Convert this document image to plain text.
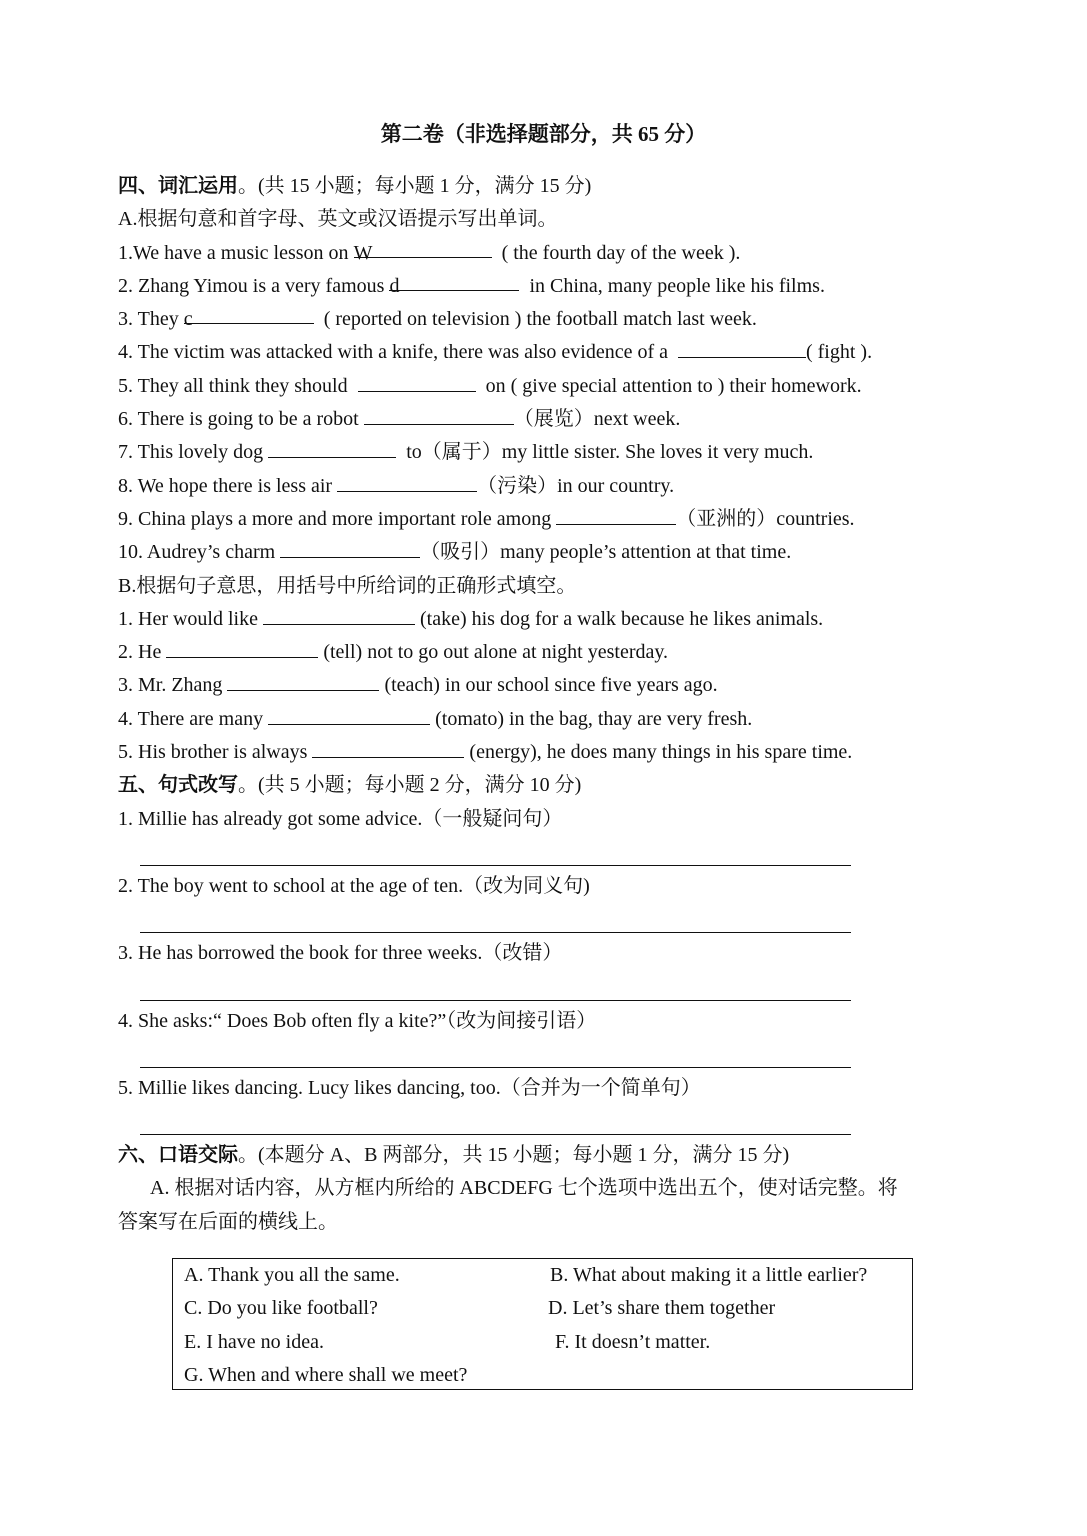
第二卷（非选择题部分，共 65 分）
四、词汇运用。(共 15 小题；每小题 1 分，满分 15 分)
A.根据句意和首字母、英文或汉语提示写出单词。
1.We have a music lesson on W	( the fourth day of the week ).
2. Zhang Yimou is a very famous d	in China, many people like his films.
3. They c	( reported on television ) the football match last week.
4. The victim was attacked with a knife, there was also evidence of a	( fight ).
5. They all think they should	on ( give special attention to ) their homework.
6. There is going to be a robot	（展览）next week.
7. This lovely dog	to（属于）my little sister. She loves it very much.
8. We hope there is less air	（污染）in our country.
9. China plays a more and more important role among	（亚洲的）countries.
10. Audrey’s charm	（吸引）many people’s attention at that time.
B.根据句子意思，用括号中所给词的正确形式填空。
1. Her would like	(take) his dog for a walk because he likes animals.
2. He	(tell) not to go out alone at night yesterday.
3. Mr. Zhang	(teach) in our school since five years ago.
4. There are many	(tomato) in the bag, thay are very fresh.
5. His brother is always	(energy), he does many things in his spare time.
五、句式改写。(共 5 小题；每小题 2 分，满分 10 分)
1. Millie has already got some advice.（一般疑问句）
2. The boy went to school at the age of ten.（改为同义句)
3. He has borrowed the book for three weeks.（改错）
4. She asks:“ Does Bob often fly a kite?”（改为间接引语）
5. Millie likes dancing. Lucy likes dancing, too.（合并为一个简单句）
六、口语交际。(本题分 A、B 两部分，共 15 小题；每小题 1 分，满分 15 分)
A. 根据对话内容，从方框内所给的 ABCDEFG 七个选项中选出五个，使对话完整。将
答案写在后面的横线上。
A. Thank you all the same.	B. What about making it a little earlier?
C. Do you like football?	D. Let’s share them together
E. I have no idea.	F. It doesn’t matter.
G. When and where shall we meet?
